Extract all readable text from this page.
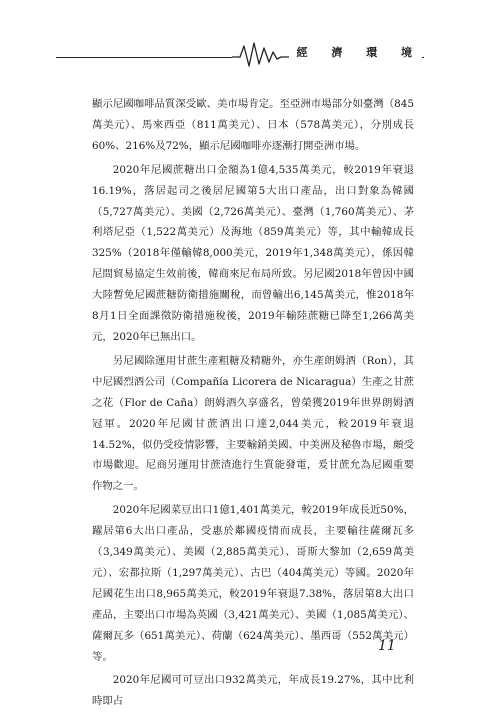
經 濟 環 境

顯示尼國咖啡品質深受歐、美市場肯定。至亞洲市場部分如臺灣（845萬美元）、馬來西亞（811萬美元）、日本（578萬美元），分別成長60%、216%及72%，顯示尼國咖啡亦逐漸打開亞洲市場。

2020年尼國蔗糖出口金額為1億4,535萬美元，較2019年衰退16.19%，落居起司之後居尼國第5大出口產品，出口對象為韓國（5,727萬美元）、美國（2,726萬美元）、臺灣（1,760萬美元）、茅利塔尼亞（1,522萬美元）及海地（859萬美元）等，其中輸韓成長325%（2018年僅輸韓8,000美元，2019年1,348萬美元），係因韓尼間貿易協定生效前後，韓商來尼布局所致。另尼國2018年曾因中國大陸暫免尼國蔗糖防衛措施關稅，而曾輸出6,145萬美元，惟2018年8月1日全面課徵防衛措施稅後，2019年輸陸蔗糖已降至1,266萬美元，2020年已無出口。

另尼國除運用甘蔗生產粗糖及精糖外，亦生產朗姆酒（Ron），其中尼國烈酒公司（Compañía Licorera de Nicaragua）生產之甘蔗之花（Flor de Caña）朗姆酒久享盛名，曾榮獲2019年世界朗姆酒冠軍。2020年尼國甘蔗酒出口達2,044美元，較2019年衰退14.52%，似仍受疫情影響，主要輸銷美國、中美洲及秘魯市場，頗受市場歡迎。尼商另運用甘蔗渣進行生質能發電，爰甘蔗允為尼國重要作物之一。

2020年尼國菜豆出口1億1,401萬美元，較2019年成長近50%，躍居第6大出口產品，受惠於鄰國疫情而成長，主要輸往薩爾瓦多（3,349萬美元）、美國（2,885萬美元）、哥斯大黎加（2,659萬美元）、宏都拉斯（1,297萬美元）、古巴（404萬美元）等國。2020年尼國花生出口8,965萬美元，較2019年衰退7.38%，落居第8大出口產品，主要出口市場為英國（3,421萬美元）、美國（1,085萬美元）、薩爾瓦多（651萬美元）、荷蘭（624萬美元）、墨西哥（552萬美元）等。

2020年尼國可可豆出口932萬美元，年成長19.27%，其中比利時即占

11
